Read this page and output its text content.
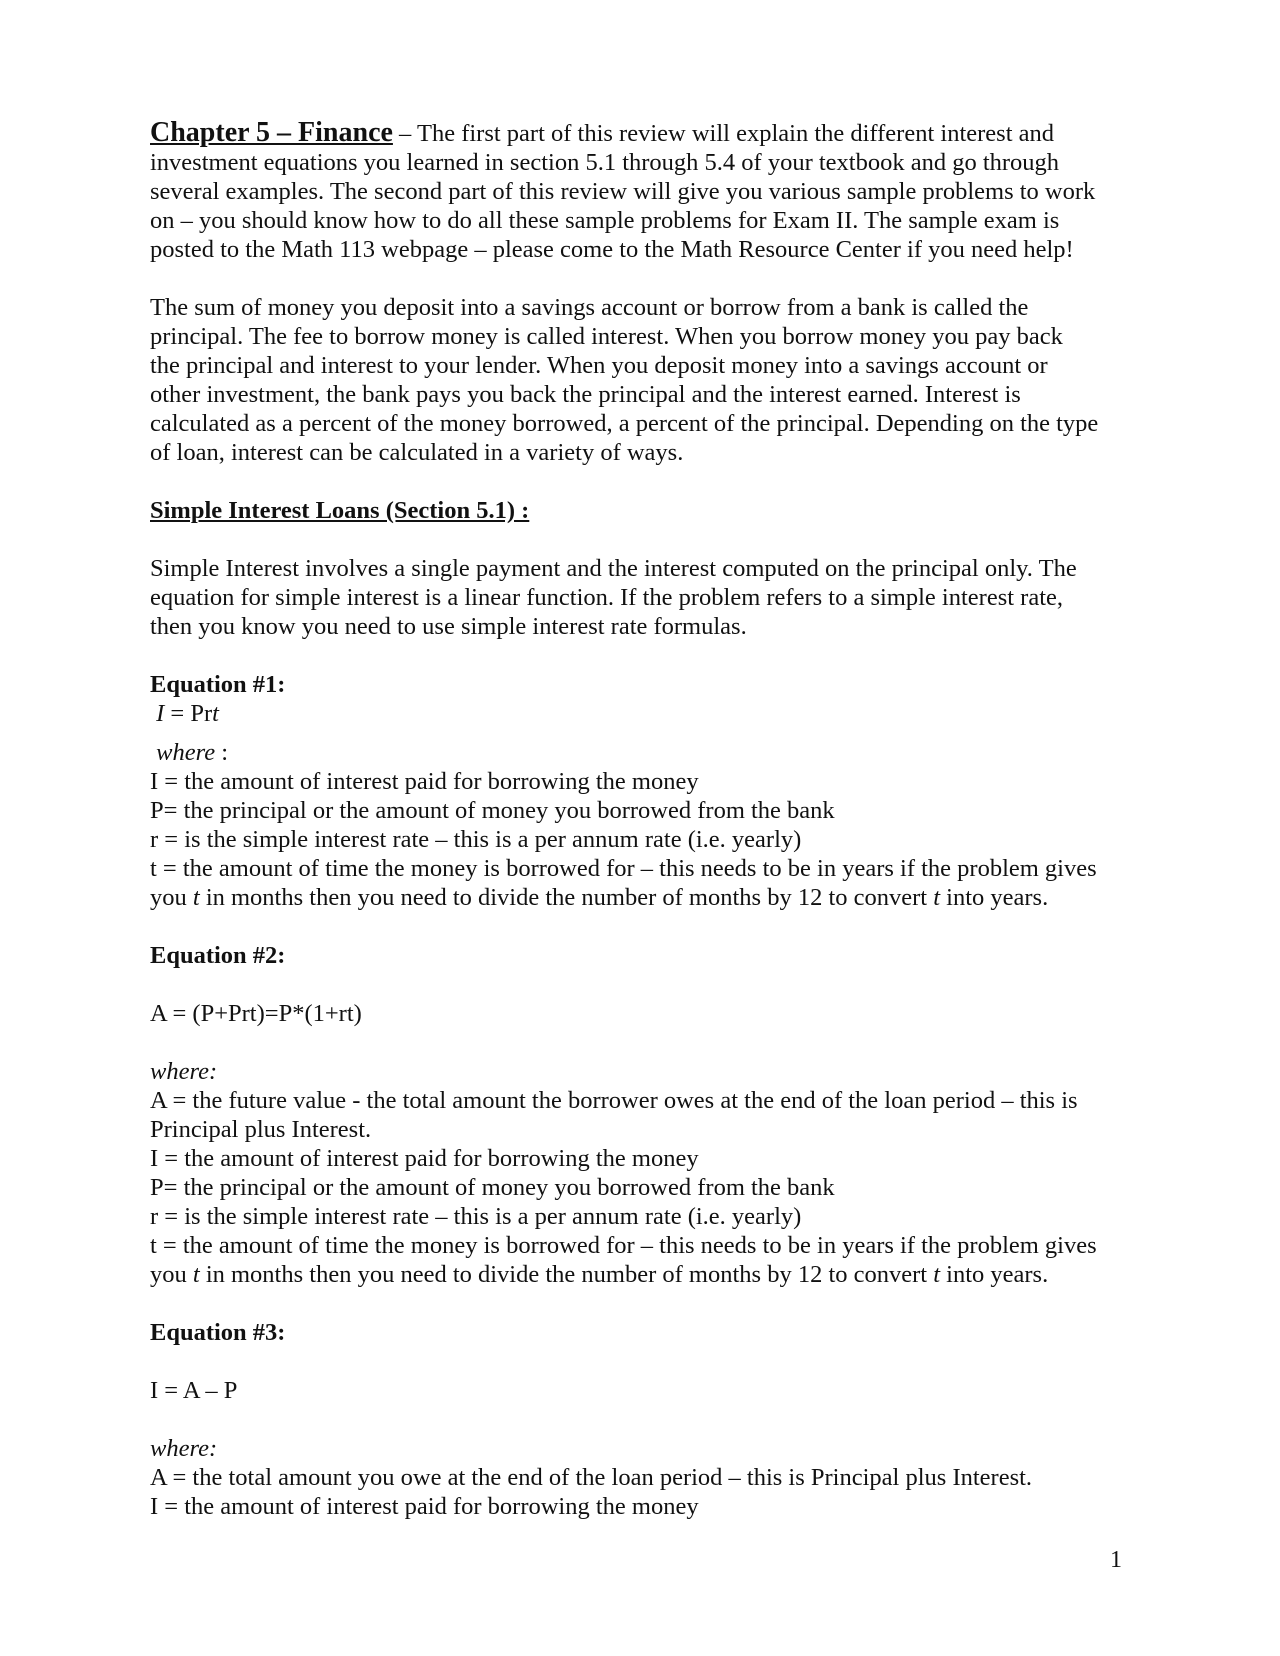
Chapter 5 – Finance – The first part of this review will explain the different interest and
investment equations you learned in section 5.1 through 5.4 of your textbook and go through
several examples. The second part of this review will give you various sample problems to work
on – you should know how to do all these sample problems for Exam II. The sample exam is
posted to the Math 113 webpage – please come to the Math Resource Center if you need help!
The sum of money you deposit into a savings account or borrow from a bank is called the
principal. The fee to borrow money is called interest. When you borrow money you pay back
the principal and interest to your lender. When you deposit money into a savings account or
other investment, the bank pays you back the principal and the interest earned. Interest is
calculated as a percent of the money borrowed, a percent of the principal. Depending on the type
of loan, interest can be calculated in a variety of ways.
Simple Interest Loans (Section 5.1) :
Simple Interest involves a single payment and the interest computed on the principal only. The
equation for simple interest is a linear function. If the problem refers to a simple interest rate,
then you know you need to use simple interest rate formulas.
Equation #1:
I = Prt
where :
I = the amount of interest paid for borrowing the money
P= the principal or the amount of money you borrowed from the bank
r = is the simple interest rate – this is a per annum rate (i.e. yearly)
t = the amount of time the money is borrowed for – this needs to be in years if the problem gives
you t in months then you need to divide the number of months by 12 to convert t into years.
Equation #2:
A = (P+Prt)=P*(1+rt)
where:
A = the future value - the total amount the borrower owes at the end of the loan period – this is
Principal plus Interest.
I = the amount of interest paid for borrowing the money
P= the principal or the amount of money you borrowed from the bank
r = is the simple interest rate – this is a per annum rate (i.e. yearly)
t = the amount of time the money is borrowed for – this needs to be in years if the problem gives
you t in months then you need to divide the number of months by 12 to convert t into years.
Equation #3:
I = A – P
where:
A = the total amount you owe at the end of the loan period – this is Principal plus Interest.
I = the amount of interest paid for borrowing the money
1
